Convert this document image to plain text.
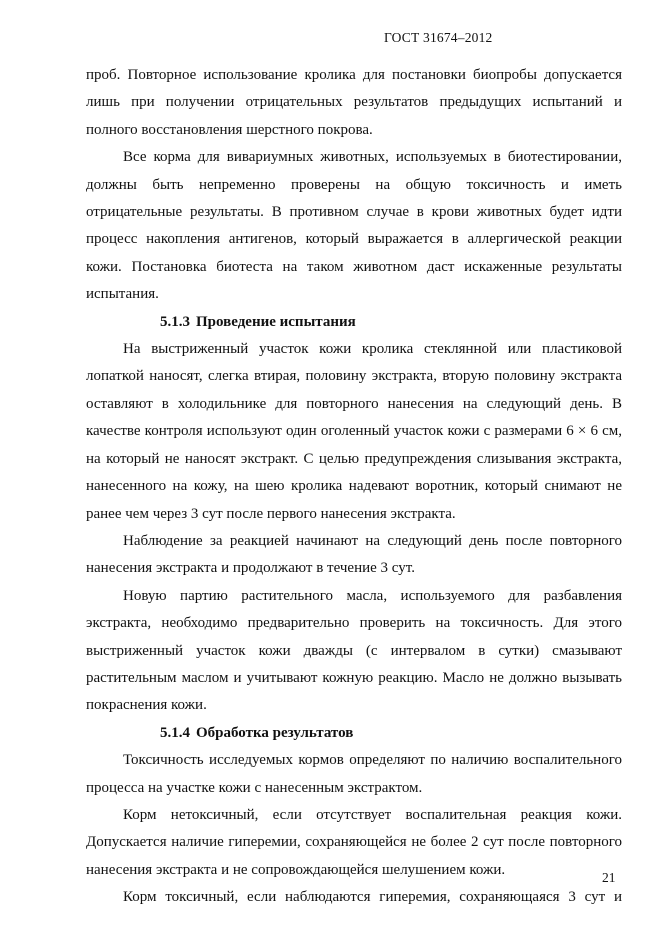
ГОСТ 31674–2012

проб. Повторное использование кролика для постановки биопробы допускается лишь при получении отрицательных результатов предыдущих испытаний и полного восстановления шерстного покрова.

Все корма для вивариумных животных, используемых в биотестировании, должны быть непременно проверены на общую токсичность и иметь отрицательные результаты. В противном случае в крови животных будет идти процесс накопления антигенов, который выражается в аллергической реакции кожи. Постановка биотеста на таком животном даст искаженные результаты испытания.

5.1.3 Проведение испытания

На выстриженный участок кожи кролика стеклянной или пластиковой лопаткой наносят, слегка втирая, половину экстракта, вторую половину экстракта оставляют в холодильнике для повторного нанесения на следующий день. В качестве контроля используют один оголенный участок кожи с размерами 6 × 6 см, на который не наносят экстракт. С целью предупреждения слизывания экстракта, нанесенного на кожу, на шею кролика надевают воротник, который снимают не ранее чем через 3 сут после первого нанесения экстракта.

Наблюдение за реакцией начинают на следующий день после повторного нанесения экстракта и продолжают в течение 3 сут.

Новую партию растительного масла, используемого для разбавления экстракта, необходимо предварительно проверить на токсичность. Для этого выстриженный участок кожи дважды (с интервалом в сутки) смазывают растительным маслом и учитывают кожную реакцию. Масло не должно вызывать покраснения кожи.

5.1.4 Обработка результатов

Токсичность исследуемых кормов определяют по наличию воспалительного процесса на участке кожи с нанесенным экстрактом.

Корм нетоксичный, если отсутствует воспалительная реакция кожи. Допускается наличие гиперемии, сохраняющейся не более 2 сут после повторного нанесения экстракта и не сопровождающейся шелушением кожи.

Корм токсичный, если наблюдаются гиперемия, сохраняющаяся 3 сут и

21
